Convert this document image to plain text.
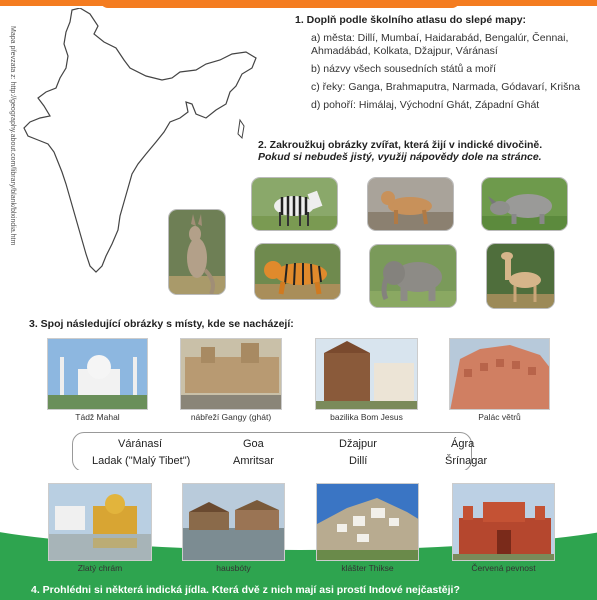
Mapa převzata z: http://geography.about.com/library/blank/blxindia.htm
1. Doplň podle školního atlasu do slepé mapy:
a) města: Dillí, Mumbaí, Haidarabád, Bengalúr, Čennai, Ahmadábád, Kolkata, Džajpur, Váránasí
b) názvy všech sousedních států a moří
c) řeky: Ganga, Brahmaputra, Narmada, Gódavarí, Krišna
d) pohoří: Himálaj, Východní Ghát, Západní Ghát
2. Zakroužkuj obrázky zvířat, která žijí v indické divočině.
Pokud si nebudeš jistý, využij nápovědy dole na stránce.
3. Spoj následující obrázky s místy, kde se nacházejí:
Tádž Mahal	nábřeží Gangy (ghát)	bazilika Bom Jesus	Palác větrů
Váránasí	Goa	Džajpur	Ágra
Ladak ("Malý Tibet")	Amritsar	Dillí	Šrínagar
Zlatý chrám	hausbóty	klášter Thikse	Červená pevnost
4. Prohlédni si některá indická jídla. Která dvě z nich mají asi prostí Indové nejčastěji?
